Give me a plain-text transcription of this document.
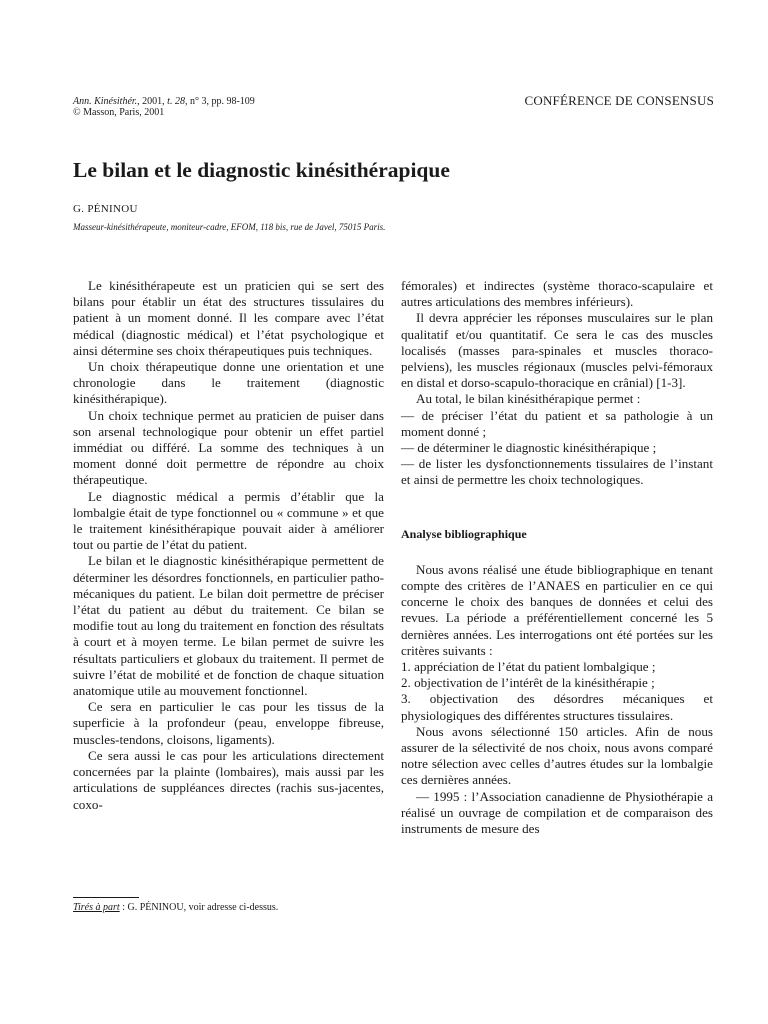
Ann. Kinésithér., 2001, t. 28, n° 3, pp. 98-109
© Masson, Paris, 2001
CONFÉRENCE DE CONSENSUS
Le bilan et le diagnostic kinésithérapique
G. PÉNINOU
Masseur-kinésithérapeute, moniteur-cadre, EFOM, 118 bis, rue de Javel, 75015 Paris.

Le kinésithérapeute est un praticien qui se sert des bilans pour établir un état des structures tissulaires du patient à un moment donné. Il les compare avec l’état médical (diagnostic médical) et l’état psychologique et ainsi détermine ses choix thérapeutiques puis techniques.

Un choix thérapeutique donne une orientation et une chronologie dans le traitement (diagnostic kinésithérapique).

Un choix technique permet au praticien de puiser dans son arsenal technologique pour obtenir un effet partiel immédiat ou différé. La somme des techniques à un moment donné doit permettre de répondre au choix thérapeutique.

Le diagnostic médical a permis d’établir que la lombalgie était de type fonctionnel ou « commune » et que le traitement kinésithérapique pouvait aider à améliorer tout ou partie de l’état du patient.

Le bilan et le diagnostic kinésithérapique permettent de déterminer les désordres fonctionnels, en particulier patho-mécaniques du patient. Le bilan doit permettre de préciser l’état du patient au début du traitement. Ce bilan se modifie tout au long du traitement en fonction des résultats à court et à moyen terme. Le bilan permet de suivre les résultats particuliers et globaux du traitement. Il permet de suivre l’état de mobilité et de fonction de chaque situation anatomique utile au mouvement fonctionnel.

Ce sera en particulier le cas pour les tissus de la superficie à la profondeur (peau, enveloppe fibreuse, muscles-tendons, cloisons, ligaments).

Ce sera aussi le cas pour les articulations directement concernées par la plainte (lombaires), mais aussi par les articulations de suppléances directes (rachis sus-jacentes, coxo-

fémorales) et indirectes (système thoraco-scapulaire et autres articulations des membres inférieurs).

Il devra apprécier les réponses musculaires sur le plan qualitatif et/ou quantitatif. Ce sera le cas des muscles localisés (masses para-spinales et muscles thoraco-pelviens), les muscles régionaux (muscles pelvi-fémoraux en distal et dorso-scapulo-thoracique en crânial) [1-3].

Au total, le bilan kinésithérapique permet :

— de préciser l’état du patient et sa pathologie à un moment donné ;

— de déterminer le diagnostic kinésithérapique ;

— de lister les dysfonctionnements tissulaires de l’instant et ainsi de permettre les choix technologiques.

Analyse bibliographique

Nous avons réalisé une étude bibliographique en tenant compte des critères de l’ANAES en particulier en ce qui concerne le choix des banques de données et celui des revues. La période a préférentiellement concerné les 5 dernières années. Les interrogations ont été portées sur les critères suivants :

1. appréciation de l’état du patient lombalgique ;

2. objectivation de l’intérêt de la kinésithérapie ;

3. objectivation des désordres mécaniques et physiologiques des différentes structures tissulaires.

Nous avons sélectionné 150 articles. Afin de nous assurer de la sélectivité de nos choix, nous avons comparé notre sélection avec celles d’autres études sur la lombalgie ces dernières années.

— 1995 : l’Association canadienne de Physiothérapie a réalisé un ouvrage de compilation et de comparaison des instruments de mesure des

Tirés à part : G. PÉNINOU, voir adresse ci-dessus.
